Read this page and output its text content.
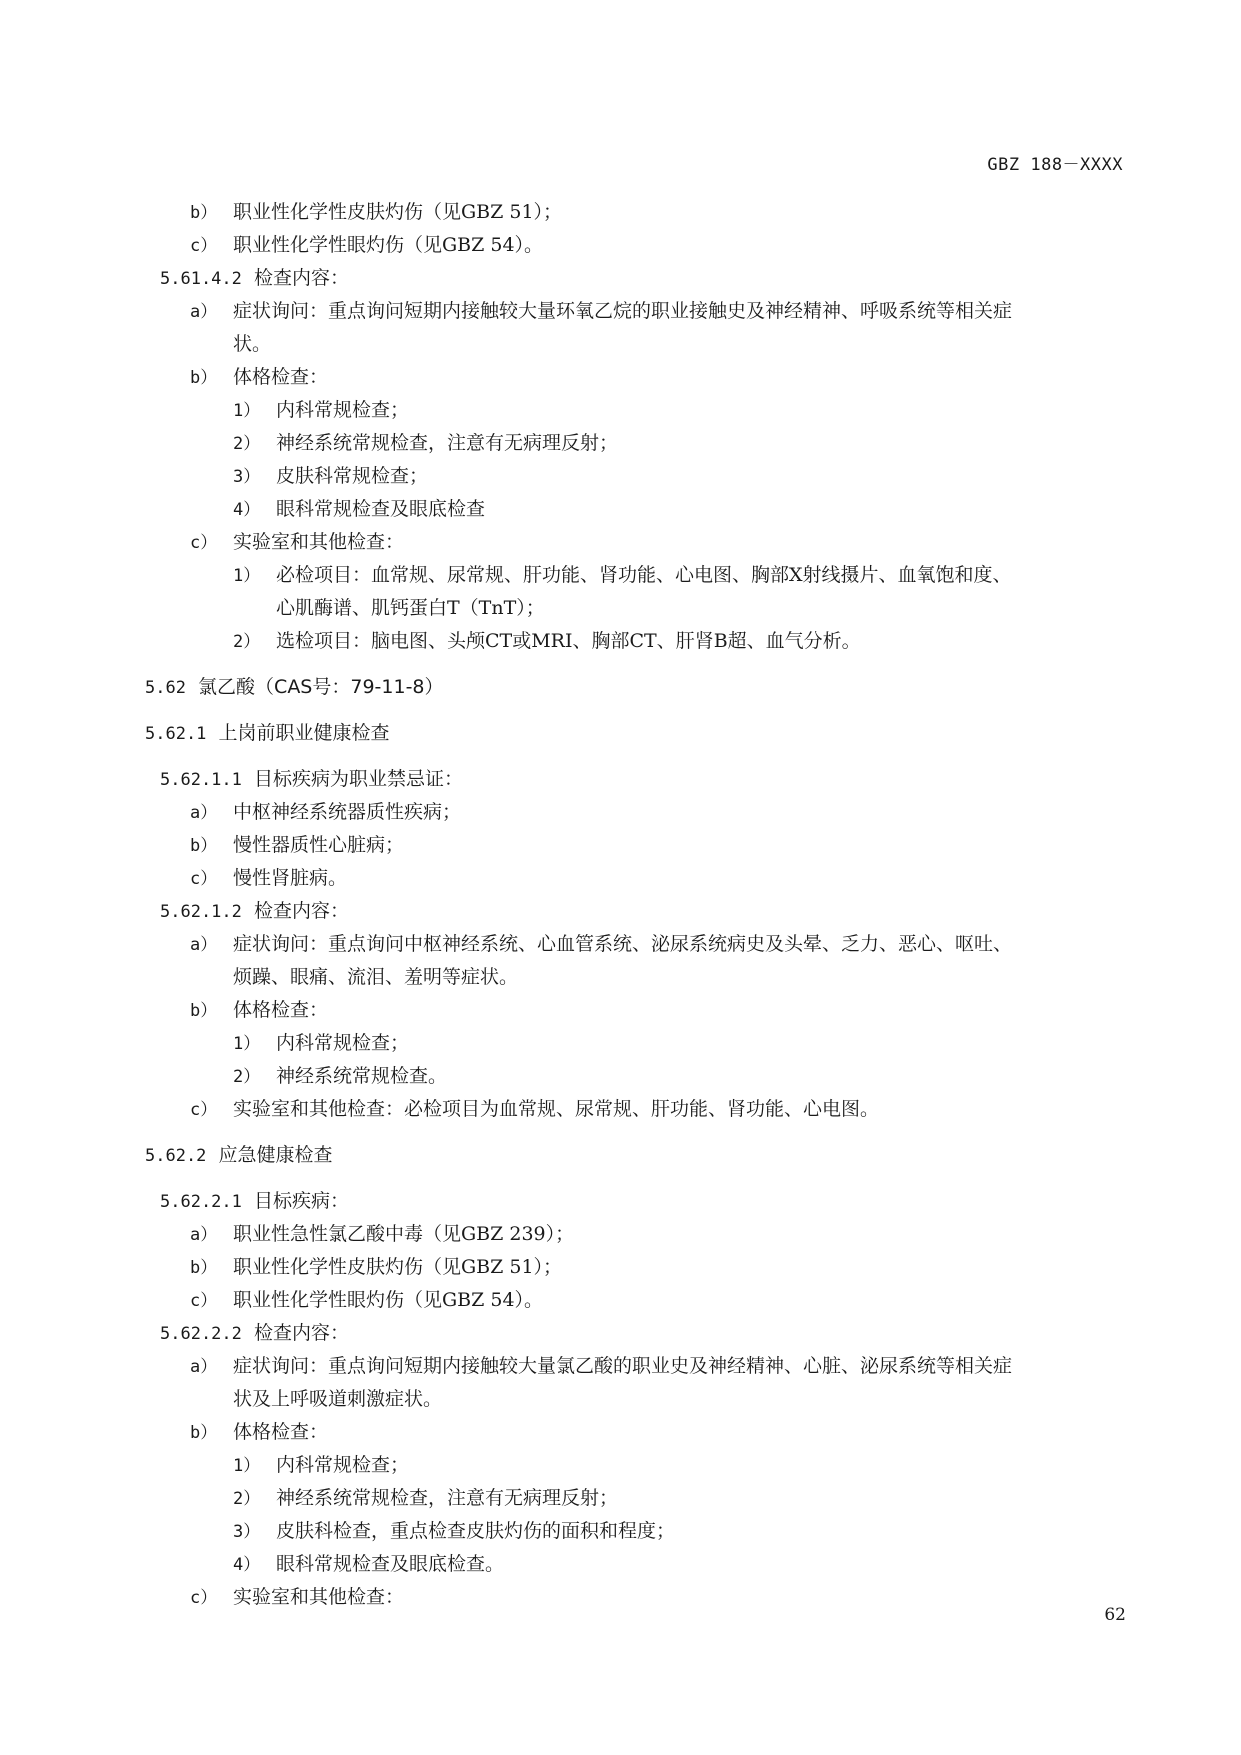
GBZ 188－XXXX
b） 职业性化学性皮肤灼伤（见GBZ 51）；
c） 职业性化学性眼灼伤（见GBZ 54）。
5.61.4.2 检查内容：
a） 症状询问：重点询问短期内接触较大量环氧乙烷的职业接触史及神经精神、呼吸系统等相关症
状。
b） 体格检查：
1） 内科常规检查；
2） 神经系统常规检查，注意有无病理反射；
3） 皮肤科常规检查；
4） 眼科常规检查及眼底检查
c） 实验室和其他检查：
1） 必检项目：血常规、尿常规、肝功能、肾功能、心电图、胸部X射线摄片、血氧饱和度、
心肌酶谱、肌钙蛋白T（TnT）；
2） 选检项目：脑电图、头颅CT或MRI、胸部CT、肝肾B超、血气分析。
5.62 氯乙酸（CAS号：79-11-8）
5.62.1 上岗前职业健康检查
5.62.1.1 目标疾病为职业禁忌证：
a） 中枢神经系统器质性疾病；
b） 慢性器质性心脏病；
c） 慢性肾脏病。
5.62.1.2 检查内容：
a） 症状询问：重点询问中枢神经系统、心血管系统、泌尿系统病史及头晕、乏力、恶心、呕吐、
烦躁、眼痛、流泪、羞明等症状。
b） 体格检查：
1） 内科常规检查；
2） 神经系统常规检查。
c） 实验室和其他检查：必检项目为血常规、尿常规、肝功能、肾功能、心电图。
5.62.2 应急健康检查
5.62.2.1 目标疾病：
a） 职业性急性氯乙酸中毒（见GBZ 239）；
b） 职业性化学性皮肤灼伤（见GBZ 51）；
c） 职业性化学性眼灼伤（见GBZ 54）。
5.62.2.2 检查内容：
a） 症状询问：重点询问短期内接触较大量氯乙酸的职业史及神经精神、心脏、泌尿系统等相关症
状及上呼吸道刺激症状。
b） 体格检查：
1） 内科常规检查；
2） 神经系统常规检查，注意有无病理反射；
3） 皮肤科检查，重点检查皮肤灼伤的面积和程度；
4） 眼科常规检查及眼底检查。
c） 实验室和其他检查：
62
